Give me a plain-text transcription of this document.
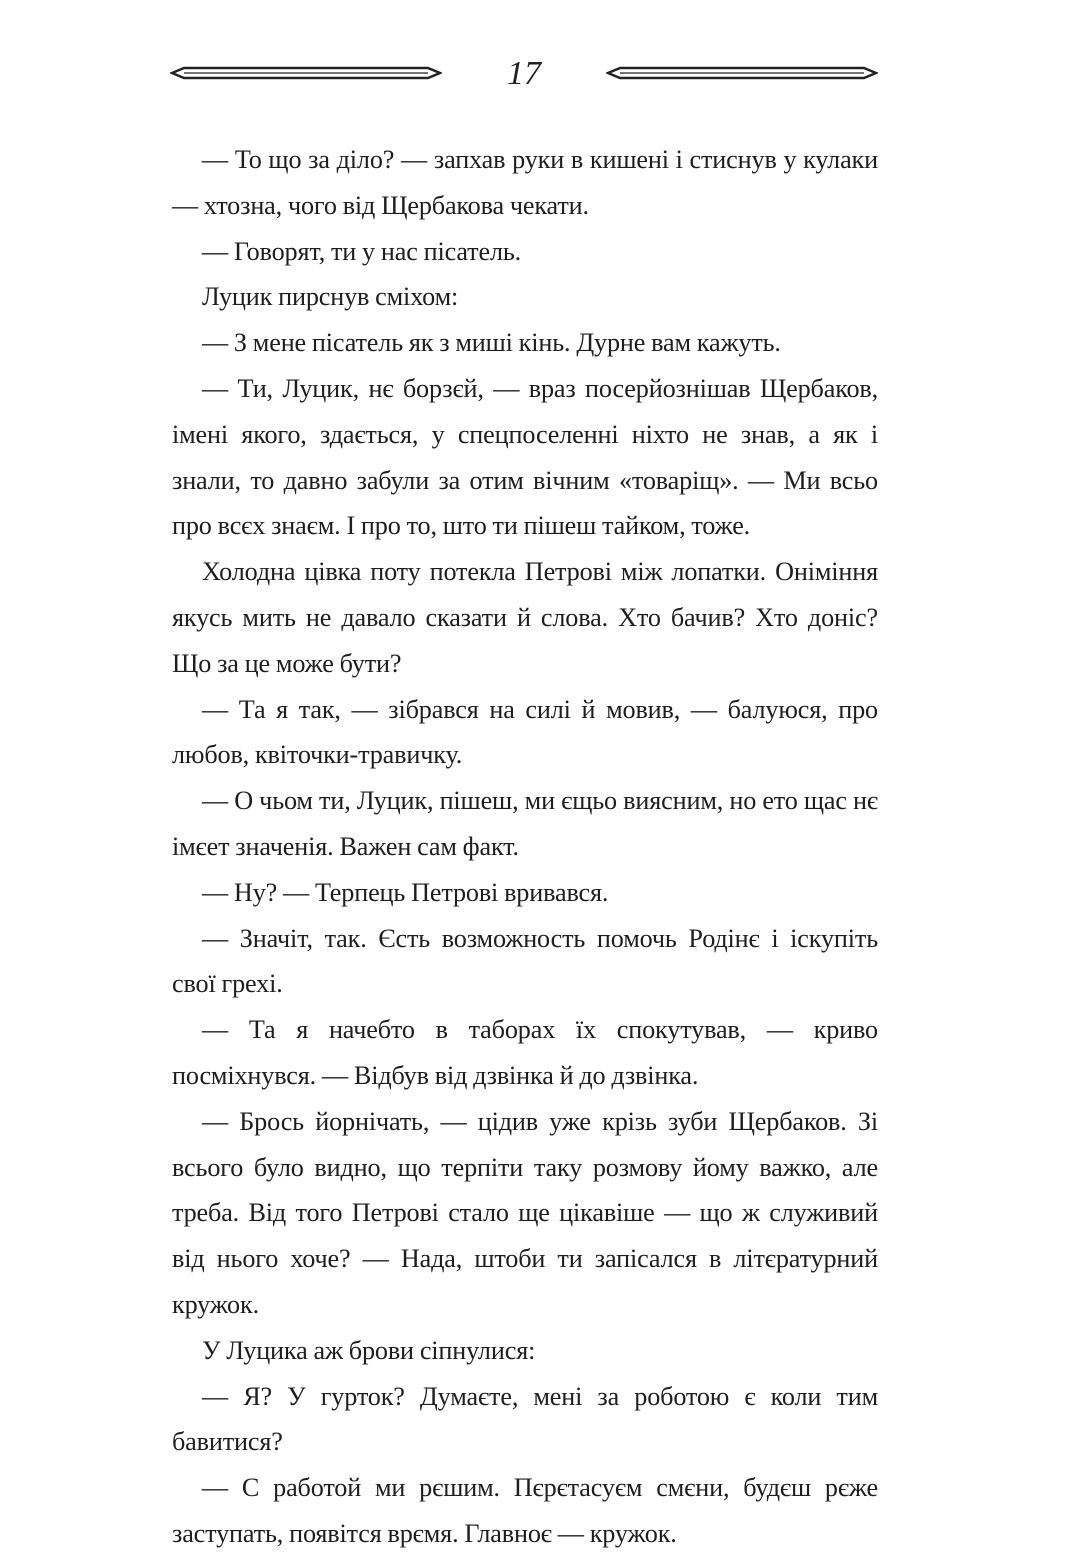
17

— То що за діло? — запхав руки в кишені і стиснув у кулаки — хтозна, чого від Щербакова чекати.

— Говорят, ти у нас пісатель.

Луцик пирснув сміхом:

— З мене пісатель як з миші кінь. Дурне вам кажуть.

— Ти, Луцик, нє борзєй, — враз посерйознішав Щербаков, імені якого, здається, у спецпоселенні ніхто не знав, а як і знали, то давно забули за отим вічним «товаріщ». — Ми всьо про всєх знаєм. І про то, што ти пішеш тайком, тоже.

Холодна цівка поту потекла Петрові між лопатки. Оніміння якусь мить не давало сказати й слова. Хто бачив? Хто доніс? Що за це може бути?

— Та я так, — зібрався на силі й мовив, — балуюся, про любов, квіточки-травичку.

— О чьом ти, Луцик, пішеш, ми єщьо виясним, но ето щас нє імєет значенія. Важен сам факт.

— Ну? — Терпець Петрові вривався.

— Значіт, так. Єсть возможность помочь Родінє і іскупіть свої грехі.

— Та я начебто в таборах їх спокутував, — криво посміхнувся. — Відбув від дзвінка й до дзвінка.

— Брось йорнічать, — цідив уже крізь зуби Щербаков. Зі всього було видно, що терпіти таку розмову йому важко, але треба. Від того Петрові стало ще цікавіше — що ж служивий від нього хоче? — Нада, штоби ти запісался в літєратурний кружок.

У Луцика аж брови сіпнулися:

— Я? У гурток? Думаєте, мені за роботою є коли тим бавитися?

— С работой ми рєшим. Пєрєтасуєм смєни, будєш рєже заступать, появітся врємя. Главноє — кружок.
